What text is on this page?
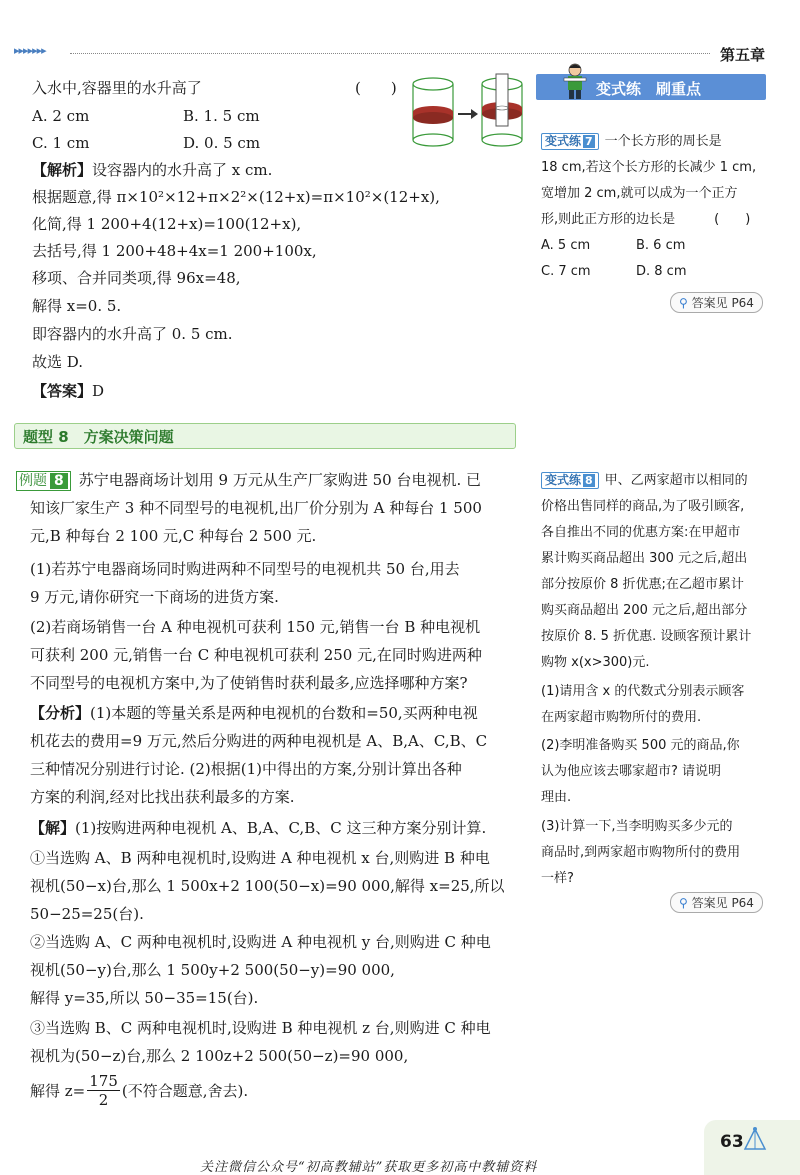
▸▸▸▸▸▸▸	第五章
入水中,容器里的水升高了	(　　)
A. 2 cm	B. 1. 5 cm
C. 1 cm	D. 0. 5 cm
【解析】设容器内的水升高了 x cm.
根据题意,得 π×10²×12+π×2²×(12+x)=π×10²×(12+x),
化简,得 1 200+4(12+x)=100(12+x),
去括号,得 1 200+48+4x=1 200+100x,
移项、合并同类项,得 96x=48,
解得 x=0. 5.
即容器内的水升高了 0. 5 cm.
故选 D.
【答案】D
变式练　刷重点
变式练 7 一个长方形的周长是
18 cm,若这个长方形的长减少 1 cm,
宽增加 2 cm,就可以成为一个正方
形,则此正方形的边长是　　　(　　)
A. 5 cm	B. 6 cm
C. 7 cm	D. 8 cm
⚲ 答案见 P64
题型 8　方案决策问题
例题 8 苏宁电器商场计划用 9 万元从生产厂家购进 50 台电视机. 已
知该厂家生产 3 种不同型号的电视机,出厂价分别为 A 种每台 1 500
元,B 种每台 2 100 元,C 种每台 2 500 元.
(1)若苏宁电器商场同时购进两种不同型号的电视机共 50 台,用去
9 万元,请你研究一下商场的进货方案.
(2)若商场销售一台 A 种电视机可获利 150 元,销售一台 B 种电视机
可获利 200 元,销售一台 C 种电视机可获利 250 元,在同时购进两种
不同型号的电视机方案中,为了使销售时获利最多,应选择哪种方案?
【分析】(1)本题的等量关系是两种电视机的台数和=50,买两种电视
机花去的费用=9 万元,然后分购进的两种电视机是 A、B,A、C,B、C
三种情况分别进行讨论. (2)根据(1)中得出的方案,分别计算出各种
方案的利润,经对比找出获利最多的方案.
【解】(1)按购进两种电视机 A、B,A、C,B、C 这三种方案分别计算.
①当选购 A、B 两种电视机时,设购进 A 种电视机 x 台,则购进 B 种电
视机(50−x)台,那么 1 500x+2 100(50−x)=90 000,解得 x=25,所以
50−25=25(台).
②当选购 A、C 两种电视机时,设购进 A 种电视机 y 台,则购进 C 种电
视机(50−y)台,那么 1 500y+2 500(50−y)=90 000,
解得 y=35,所以 50−35=15(台).
③当选购 B、C 两种电视机时,设购进 B 种电视机 z 台,则购进 C 种电
视机为(50−z)台,那么 2 100z+2 500(50−z)=90 000,
解得 $z= \frac{175}{2}$ (不符合题意,舍去).
变式练 8 甲、乙两家超市以相同的
价格出售同样的商品,为了吸引顾客,
各自推出不同的优惠方案:在甲超市
累计购买商品超出 300 元之后,超出
部分按原价 8 折优惠;在乙超市累计
购买商品超出 200 元之后,超出部分
按原价 8. 5 折优惠. 设顾客预计累计
购物 x(x>300)元.
(1)请用含 x 的代数式分别表示顾客
在两家超市购物所付的费用.
(2)李明准备购买 500 元的商品,你
认为他应该去哪家超市? 请说明
理由.
(3)计算一下,当李明购买多少元的
商品时,到两家超市购物所付的费用
一样?
⚲ 答案见 P64
63
关注微信公众号“初高教辅站”获取更多初高中教辅资料
